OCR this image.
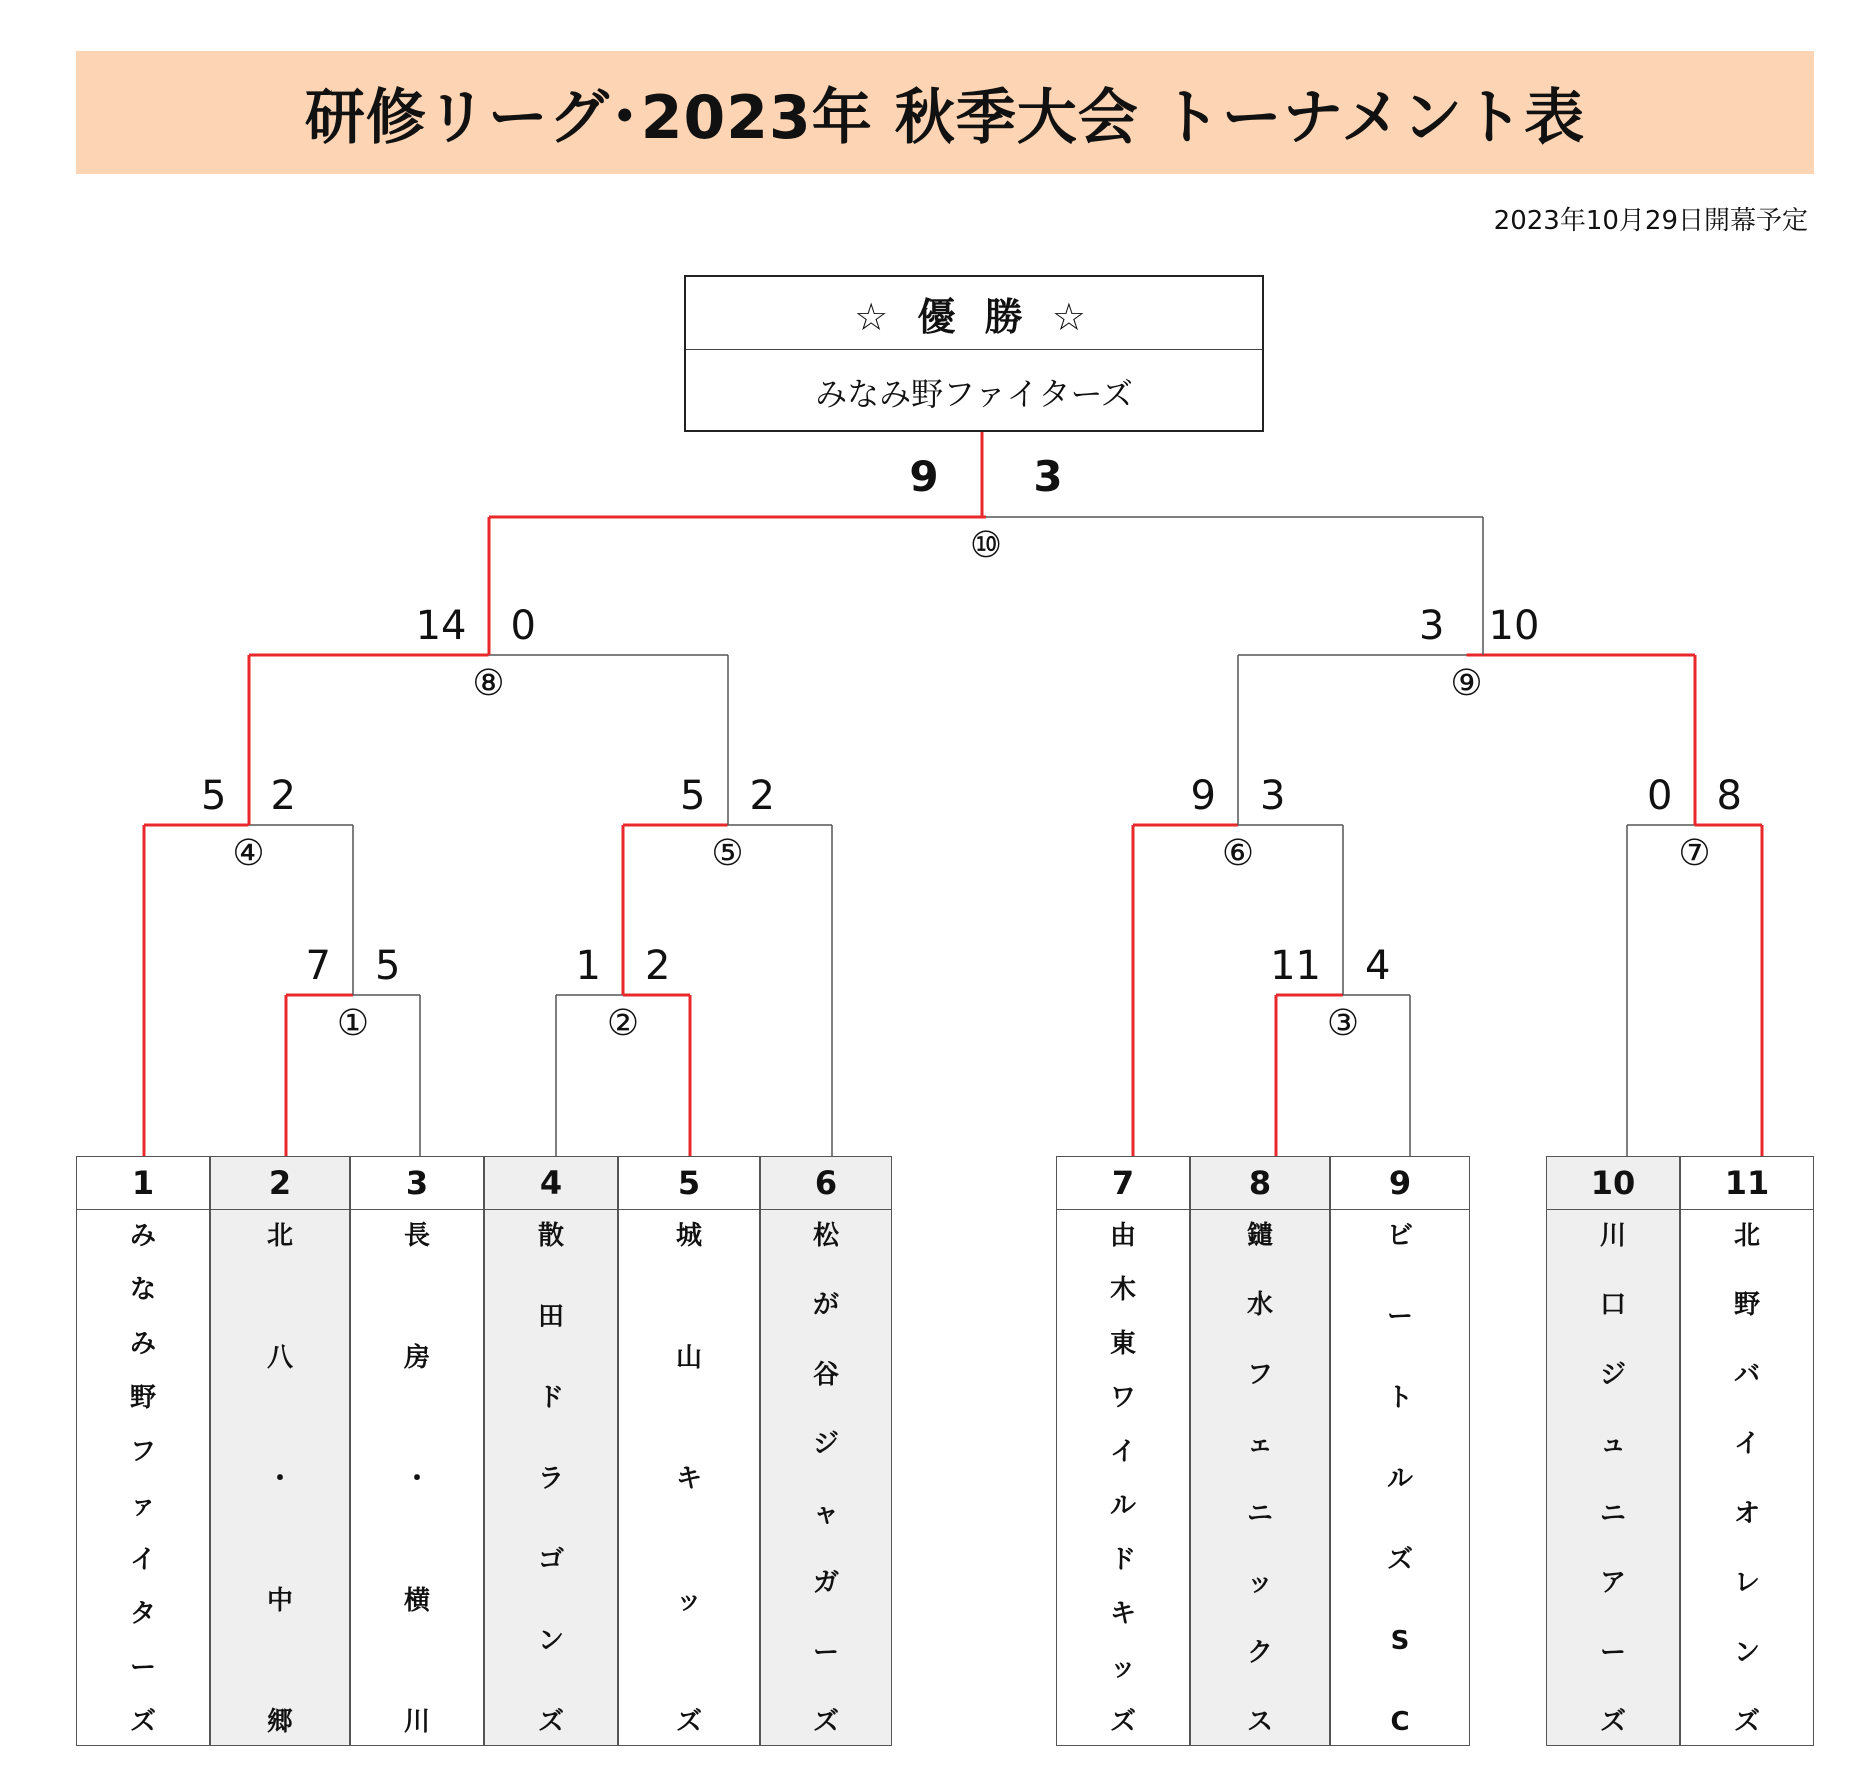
研修リーグ･2023年 秋季大会 トーナメント表
2023年10月29日開幕予定
☆ 優 勝 ☆
みなみ野ファイターズ
①
7 5
②
1 2
③
11 4
④
5 2
⑤
5 2
⑥
9 3
⑦
0 8
⑧
14 0
⑨
3 10
⑩
9 3
1
み
な
み
野
フ
ァ
イ
タ
ー
ズ
2
北
八
・
中
郷
3
長
房
・
横
川
4
散
田
ド
ラ
ゴ
ン
ズ
5
城
山
キ
ッ
ズ
6
松
が
谷
ジ
ャ
ガ
ー
ズ
7
由
木
東
ワ
イ
ル
ド
キ
ッ
ズ
8
鑓
水
フ
ェ
ニ
ッ
ク
ス
9
ビ
ー
ト
ル
ズ
S
C
10
川
口
ジ
ュ
ニ
ア
ー
ズ
11
北
野
バ
イ
オ
レ
ン
ズ
